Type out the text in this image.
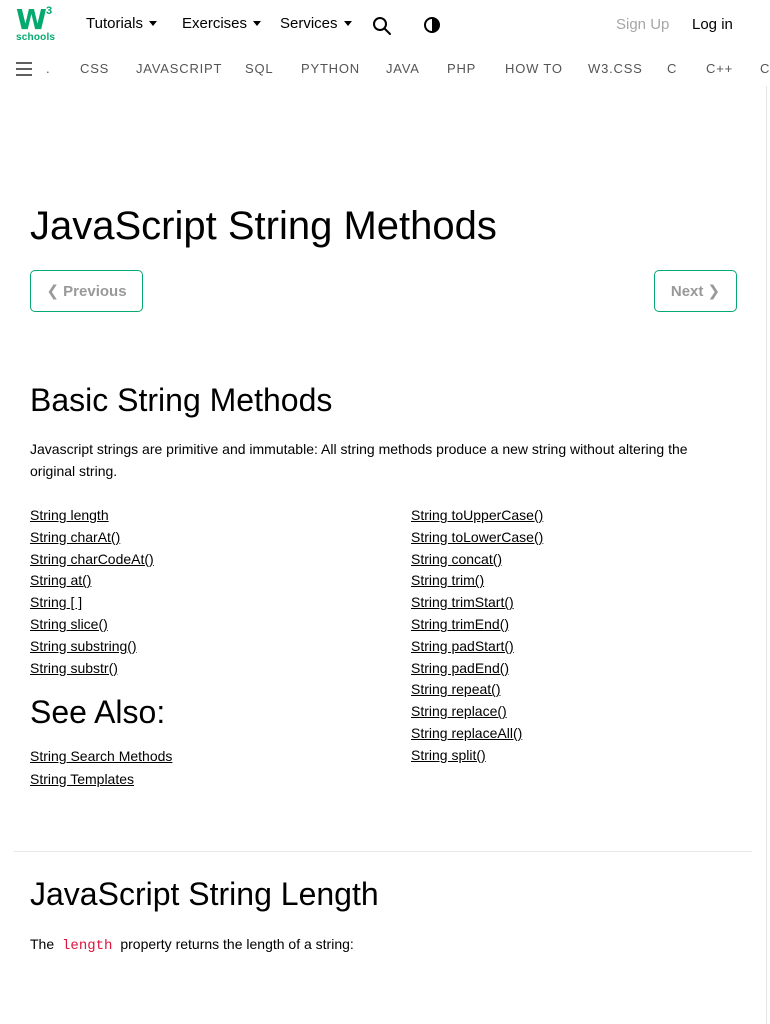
W 3
schools
Tutorials	Exercises Services	Sign Up Log in
. CSS JAVASCRIPT SQL PYTHON JAVA PHP HOW TO W3.CSS C C++ C
JavaScript String Methods
❮ Previous	Next ❯
Basic String Methods

Javascript strings are primitive and immutable: All string methods produce a new string without altering the original string.

String length
String charAt()
String charCodeAt()
String at()
String [ ]
String slice()
String substring()
String substr()
String toUpperCase()
String toLowerCase()
String concat()
String trim()
String trimStart()
String trimEnd()
String padStart()
String padEnd()
String repeat()
String replace()
String replaceAll()
String split()
See Also:
String Search Methods
String Templates
JavaScript String Length

The length property returns the length of a string:
